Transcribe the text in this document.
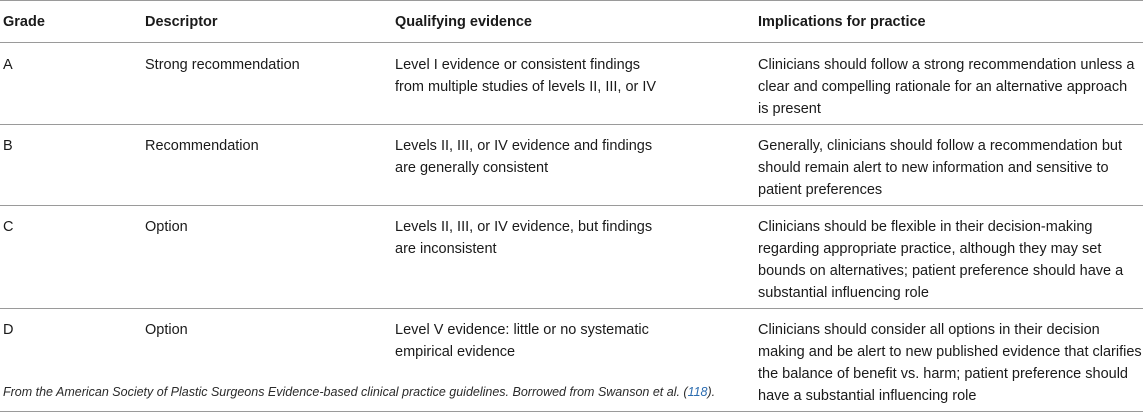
Grade	Descriptor	Qualifying evidence	Implications for practice
A	Strong recommendation	Level I evidence or consistent findings from multiple studies of levels II, III, or IV	Clinicians should follow a strong recommendation unless a clear and compelling rationale for an alternative approach is present

B	Recommendation	Levels II, III, or IV evidence and findings are generally consistent	Generally, clinicians should follow a recommendation but should remain alert to new information and sensitive to patient preferences

C	Option	Levels II, III, or IV evidence, but findings are inconsistent	Clinicians should be flexible in their decision-making regarding appropriate practice, although they may set bounds on alternatives; patient preference should have a substantial influencing role

D	Option	Level V evidence: little or no systematic empirical evidence	Clinicians should consider all options in their decision making and be alert to new published evidence that clarifies the balance of benefit vs. harm; patient preference should have a substantial influencing role
From the American Society of Plastic Surgeons Evidence-based clinical practice guidelines. Borrowed from Swanson et al. (118).
